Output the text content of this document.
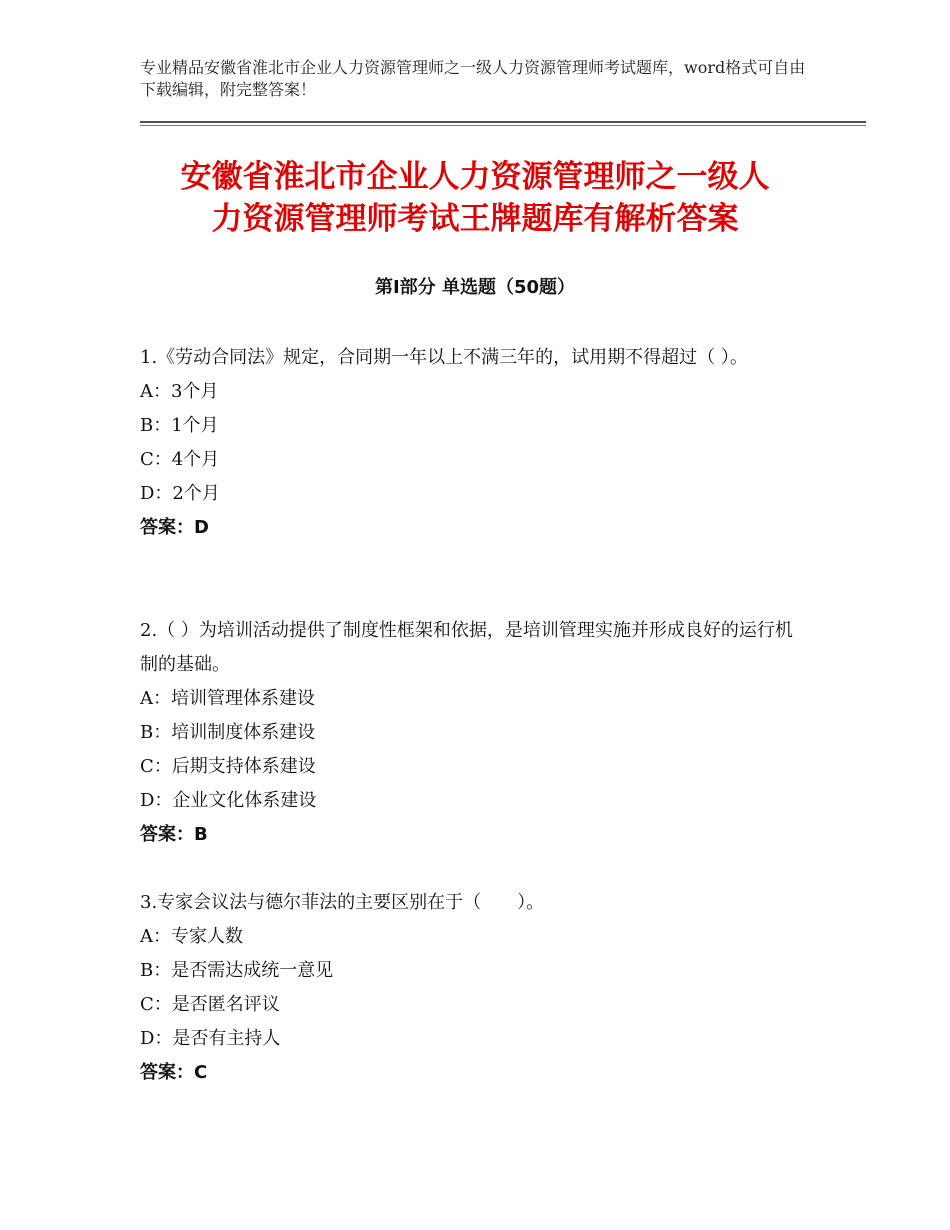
专业精品安徽省淮北市企业人力资源管理师之一级人力资源管理师考试题库，word格式可自由下载编辑，附完整答案！
安徽省淮北市企业人力资源管理师之一级人
力资源管理师考试王牌题库有解析答案
第Ⅰ部分 单选题（50题）
1.《劳动合同法》规定，合同期一年以上不满三年的，试用期不得超过（ ）。
A：3个月
B：1个月
C：4个月
D：2个月
答案：D
2.（ ）为培训活动提供了制度性框架和依据，是培训管理实施并形成良好的运行机制的基础。
A：培训管理体系建设
B：培训制度体系建设
C：后期支持体系建设
D：企业文化体系建设
答案：B
3.专家会议法与德尔菲法的主要区别在于（　　）。
A：专家人数
B：是否需达成统一意见
C：是否匿名评议
D：是否有主持人
答案：C
